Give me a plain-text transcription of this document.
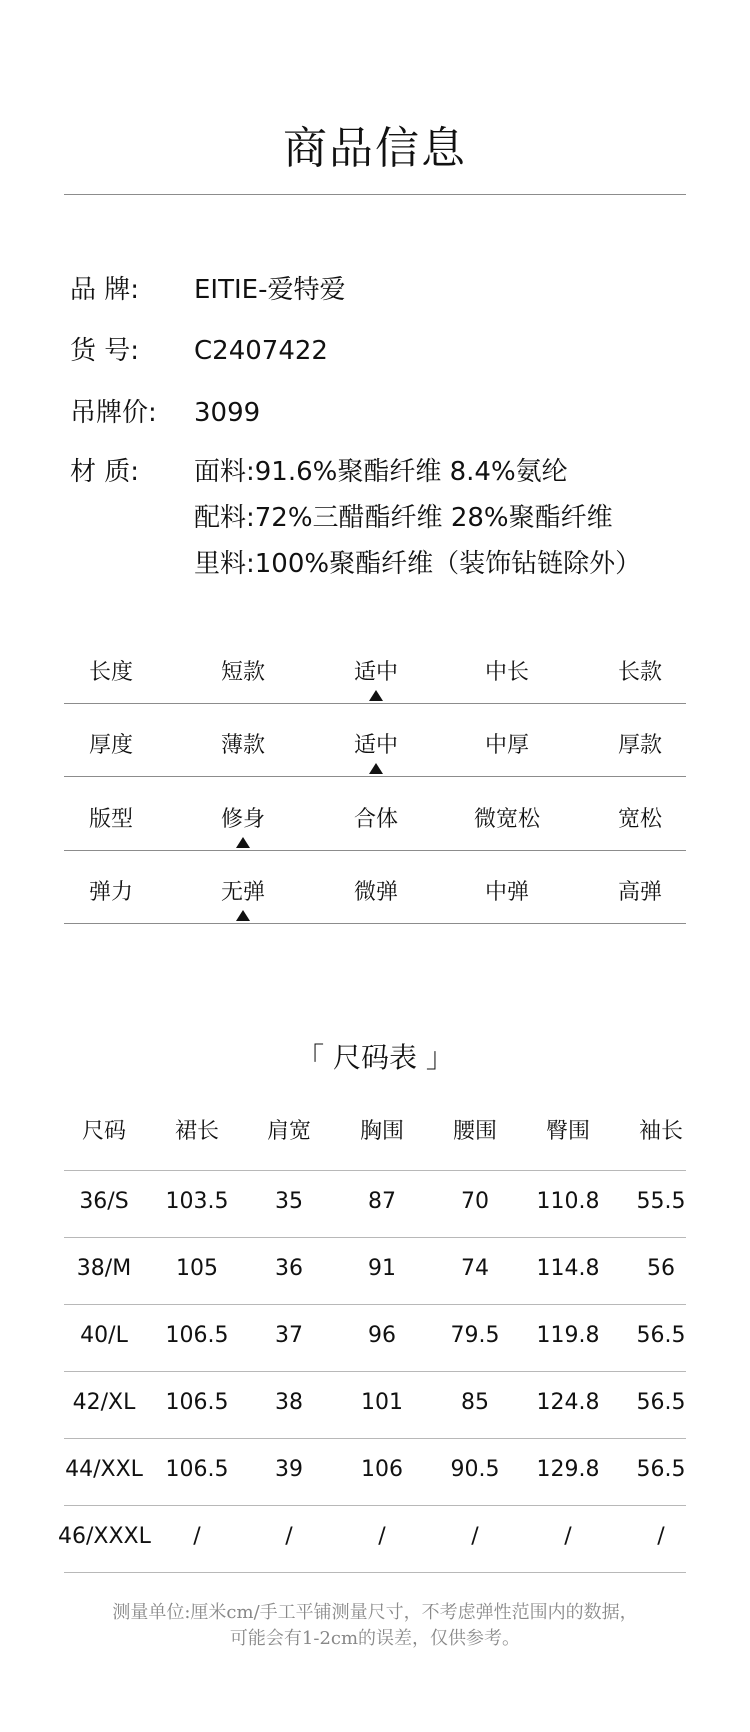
商品信息
品 牌:	EITIE-爱特爱
货 号:	C2407422
吊牌价:	3099
材 质:	面料:91.6%聚酯纤维 8.4%氨纶
配料:72%三醋酯纤维 28%聚酯纤维
里料:100%聚酯纤维（装饰钻链除外）
长度	短款	适中	中长	长款
厚度	薄款	适中	中厚	厚款
版型	修身	合体	微宽松	宽松
弹力	无弹	微弹	中弹	高弹
「 尺码表 」
尺码	裙长	肩宽	胸围	腰围	臀围	袖长
36/S	103.5	35	87	70	110.8	55.5
38/M	105	36	91	74	114.8	56
40/L	106.5	37	96	79.5	119.8	56.5
42/XL	106.5	38	101	85	124.8	56.5
44/XXL	106.5	39	106	90.5	129.8	56.5
46/XXXL	/	/	/	/	/	/
测量单位:厘米cm/手工平铺测量尺寸，不考虑弹性范围内的数据，
可能会有1-2cm的误差，仅供参考。
